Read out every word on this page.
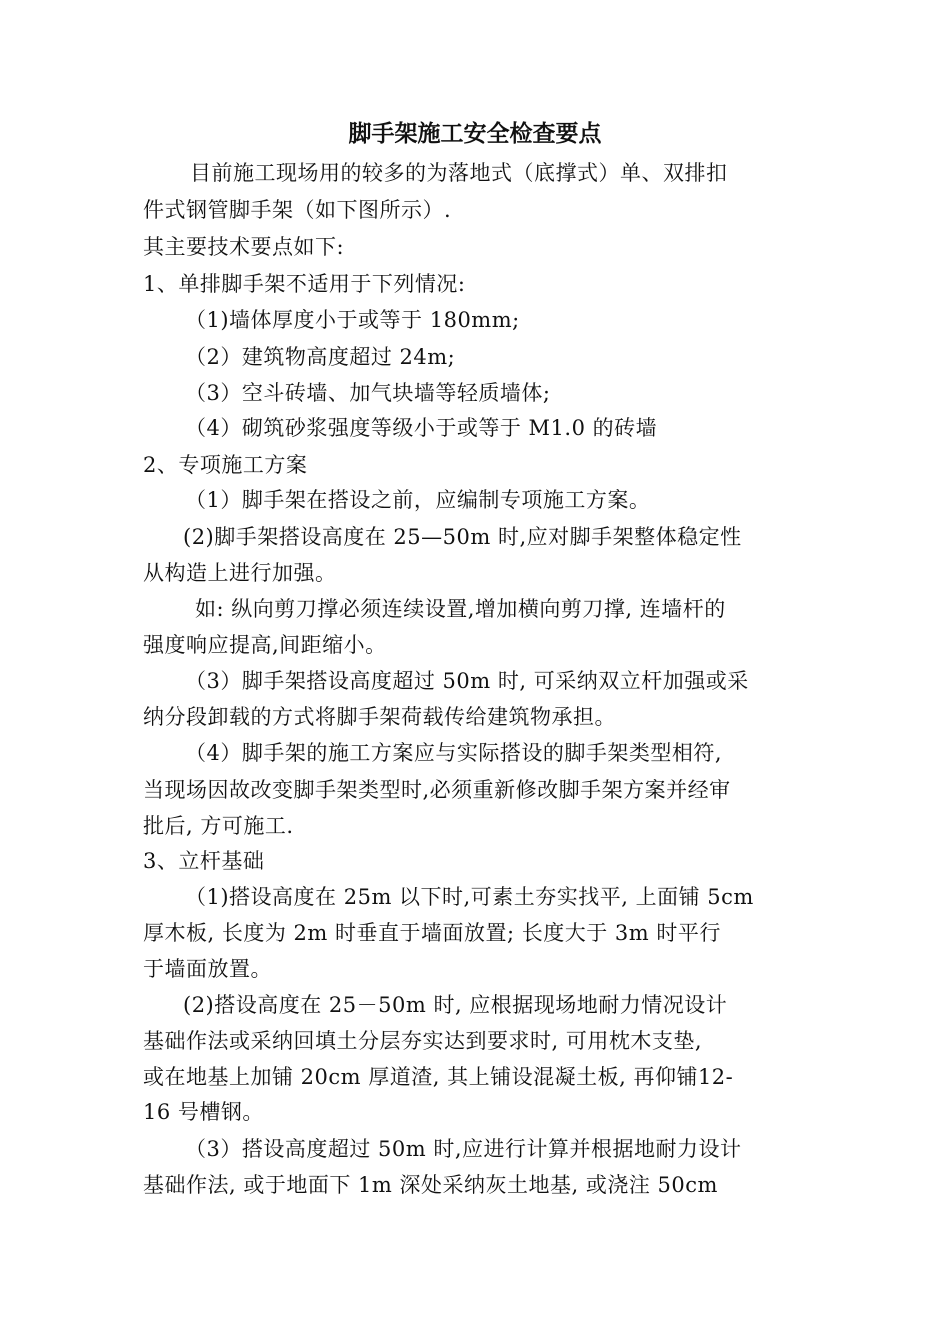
脚手架施工安全检查要点
目前施工现场用的较多的为落地式（底撑式）单、双排扣
件式钢管脚手架（如下图所示）.
其主要技术要点如下:
1、单排脚手架不适用于下列情况:
（1)墙体厚度小于或等于 180mm;
（2）建筑物高度超过 24m;
（3）空斗砖墙、加气块墙等轻质墙体;
（4）砌筑砂浆强度等级小于或等于 M1.0 的砖墙
2、专项施工方案
（1）脚手架在搭设之前，应编制专项施工方案。
(2)脚手架搭设高度在 25—50m 时,应对脚手架整体稳定性
从构造上进行加强。
如: 纵向剪刀撑必须连续设置,增加横向剪刀撑, 连墙杆的
强度响应提高,间距缩小。
（3）脚手架搭设高度超过 50m 时, 可采纳双立杆加强或采
纳分段卸载的方式将脚手架荷载传给建筑物承担。
（4）脚手架的施工方案应与实际搭设的脚手架类型相符,
当现场因故改变脚手架类型时,必须重新修改脚手架方案并经审
批后, 方可施工.
3、立杆基础
（1)搭设高度在 25m 以下时,可素土夯实找平, 上面铺 5cm
厚木板, 长度为 2m 时垂直于墙面放置; 长度大于 3m 时平行
于墙面放置。
(2)搭设高度在 25－50m 时, 应根据现场地耐力情况设计
基础作法或采纳回填土分层夯实达到要求时, 可用枕木支垫,
或在地基上加铺 20cm 厚道渣, 其上铺设混凝土板, 再仰铺12-
16 号槽钢。
（3）搭设高度超过 50m 时,应进行计算并根据地耐力设计
基础作法, 或于地面下 1m 深处采纳灰土地基, 或浇注 50cm
